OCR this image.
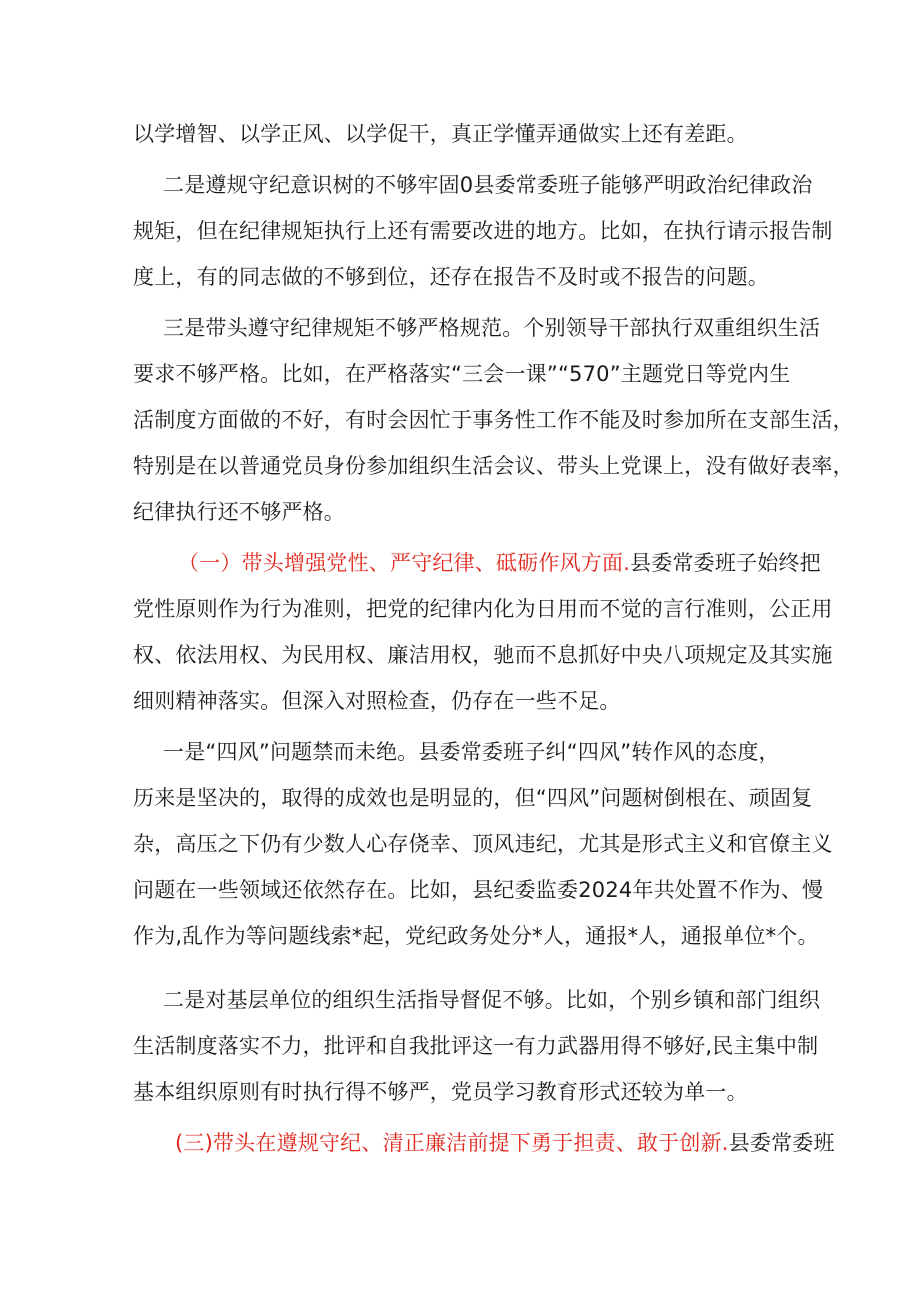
以学增智、以学正风、以学促干，真正学懂弄通做实上还有差距。
二是遵规守纪意识树的不够牢固0县委常委班子能够严明政治纪律政治
规矩，但在纪律规矩执行上还有需要改进的地方。比如，在执行请示报告制
度上，有的同志做的不够到位，还存在报告不及时或不报告的问题。
三是带头遵守纪律规矩不够严格规范。个别领导干部执行双重组织生活
要求不够严格。比如，在严格落实“三会一课”“570”主题党日等党内生
活制度方面做的不好，有时会因忙于事务性工作不能及时参加所在支部生活，
特别是在以普通党员身份参加组织生活会议、带头上党课上，没有做好表率，
纪律执行还不够严格。
（一）带头增强党性、严守纪律、砥砺作风方面.县委常委班子始终把
党性原则作为行为准则，把党的纪律内化为日用而不觉的言行准则，公正用
权、依法用权、为民用权、廉洁用权，驰而不息抓好中央八项规定及其实施
细则精神落实。但深入对照检查，仍存在一些不足。
一是“四风”问题禁而未绝。县委常委班子纠“四风”转作风的态度，
历来是坚决的，取得的成效也是明显的，但“四风”问题树倒根在、顽固复
杂，高压之下仍有少数人心存侥幸、顶风违纪，尤其是形式主义和官僚主义
问题在一些领域还依然存在。比如，县纪委监委2024年共处置不作为、慢
作为,乱作为等问题线索*起，党纪政务处分*人，通报*人，通报单位*个。
二是对基层单位的组织生活指导督促不够。比如，个别乡镇和部门组织
生活制度落实不力，批评和自我批评这一有力武器用得不够好,民主集中制
基本组织原则有时执行得不够严，党员学习教育形式还较为单一。
(三)带头在遵规守纪、清正廉洁前提下勇于担责、敢于创新.县委常委班
